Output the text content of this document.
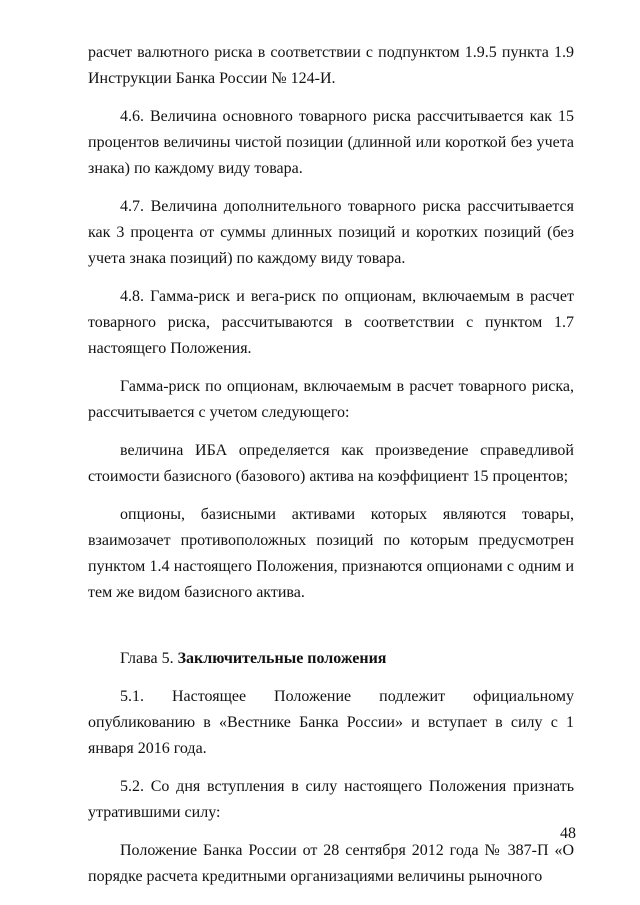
расчет валютного риска в соответствии с подпунктом 1.9.5 пункта 1.9 Инструкции Банка России № 124-И.

4.6. Величина основного товарного риска рассчитывается как 15 процентов величины чистой позиции (длинной или короткой без учета знака) по каждому виду товара.

4.7. Величина дополнительного товарного риска рассчитывается как 3 процента от суммы длинных позиций и коротких позиций (без учета знака позиций) по каждому виду товара.

4.8. Гамма-риск и вега-риск по опционам, включаемым в расчет товарного риска, рассчитываются в соответствии с пунктом 1.7 настоящего Положения.

Гамма-риск по опционам, включаемым в расчет товарного риска, рассчитывается с учетом следующего:

величина ИБА определяется как произведение справедливой стоимости базисного (базового) актива на коэффициент 15 процентов;

опционы, базисными активами которых являются товары, взаимозачет противоположных позиций по которым предусмотрен пунктом 1.4 настоящего Положения, признаются опционами с одним и тем же видом базисного актива.

Глава 5. Заключительные положения

5.1. Настоящее Положение подлежит официальному опубликованию в «Вестнике Банка России» и вступает в силу с 1 января 2016 года.

5.2. Со дня вступления в силу настоящего Положения признать утратившими силу:

Положение Банка России от 28 сентября 2012 года № 387-П «О порядке расчета кредитными организациями величины рыночного

48
